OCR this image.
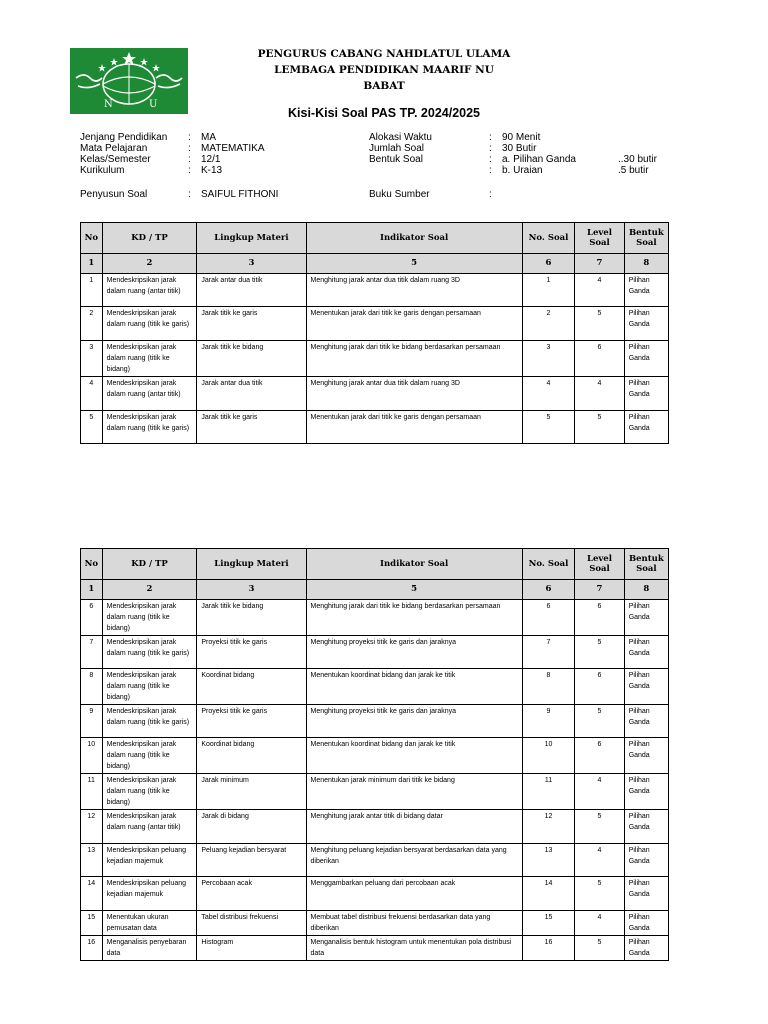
N	U
PENGURUS CABANG NAHDLATUL ULAMA
LEMBAGA PENDIDIKAN MAARIF NU
BABAT
Kisi-Kisi Soal PAS TP. 2024/2025
Jenjang Pendidikan : MA
Mata Pelajaran	: MATEMATIKA
Kelas/Semester	: 12/1
Kurikulum	: K-13
Alokasi Waktu	: 90 Menit
Jumlah Soal	: 30 Butir
Bentuk Soal	: a. Pilihan Ganda	..30 butir
: b. Uraian	.5 butir
Penyusun Soal	: SAIFUL FITHONI	Buku Sumber	:
No	KD / TP	Lingkup Materi	Indikator Soal	No. Soal	Level Soal	Bentuk Soal
1	2	3	5	6	7	8
1	Mendeskripsikan jarak dalam ruang (antar titik)	Jarak antar dua titik	Menghitung jarak antar dua titik dalam ruang 3D	1	4	Pilihan Ganda
2	Mendeskripsikan jarak dalam ruang (titik ke garis)	Jarak titik ke garis	Menentukan jarak dari titik ke garis dengan persamaan	2	5	Pilihan Ganda
3	Mendeskripsikan jarak dalam ruang (titik ke bidang)	Jarak titik ke bidang	Menghitung jarak dari titik ke bidang berdasarkan persamaan	3	6	Pilihan Ganda
4	Mendeskripsikan jarak dalam ruang (antar titik)	Jarak antar dua titik	Menghitung jarak antar dua titik dalam ruang 3D	4	4	Pilihan Ganda
5	Mendeskripsikan jarak dalam ruang (titik ke garis)	Jarak titik ke garis	Menentukan jarak dari titik ke garis dengan persamaan	5	5	Pilihan Ganda
No	KD / TP	Lingkup Materi	Indikator Soal	No. Soal	Level Soal	Bentuk Soal
1	2	3	5	6	7	8
6	Mendeskripsikan jarak dalam ruang (titik ke bidang)	Jarak titik ke bidang	Menghitung jarak dari titik ke bidang berdasarkan persamaan	6	6	Pilihan Ganda
7	Mendeskripsikan jarak dalam ruang (titik ke garis)	Proyeksi titik ke garis	Menghitung proyeksi titik ke garis dan jaraknya	7	5	Pilihan Ganda
8	Mendeskripsikan jarak dalam ruang (titik ke bidang)	Koordinat bidang	Menentukan koordinat bidang dan jarak ke titik	8	6	Pilihan Ganda
9	Mendeskripsikan jarak dalam ruang (titik ke garis)	Proyeksi titik ke garis	Menghitung proyeksi titik ke garis dan jaraknya	9	5	Pilihan Ganda
10	Mendeskripsikan jarak dalam ruang (titik ke bidang)	Koordinat bidang	Menentukan koordinat bidang dan jarak ke titik	10	6	Pilihan Ganda
11	Mendeskripsikan jarak dalam ruang (titik ke bidang)	Jarak minimum	Menentukan jarak minimum dari titik ke bidang	11	4	Pilihan Ganda
12	Mendeskripsikan jarak dalam ruang (antar titik)	Jarak di bidang	Menghitung jarak antar titik di bidang datar	12	5	Pilihan Ganda
13	Mendeskripsikan peluang kejadian majemuk	Peluang kejadian bersyarat	Menghitung peluang kejadian bersyarat berdasarkan data yang diberikan	13	4	Pilihan Ganda
14	Mendeskripsikan peluang kejadian majemuk	Percobaan acak	Menggambarkan peluang dari percobaan acak	14	5	Pilihan Ganda
15	Menentukan ukuran pemusatan data	Tabel distribusi frekuensi	Membuat tabel distribusi frekuensi berdasarkan data yang diberikan	15	4	Pilihan Ganda
16	Menganalisis penyebaran data	Histogram	Menganalisis bentuk histogram untuk menentukan pola distribusi data	16	5	Pilihan Ganda
